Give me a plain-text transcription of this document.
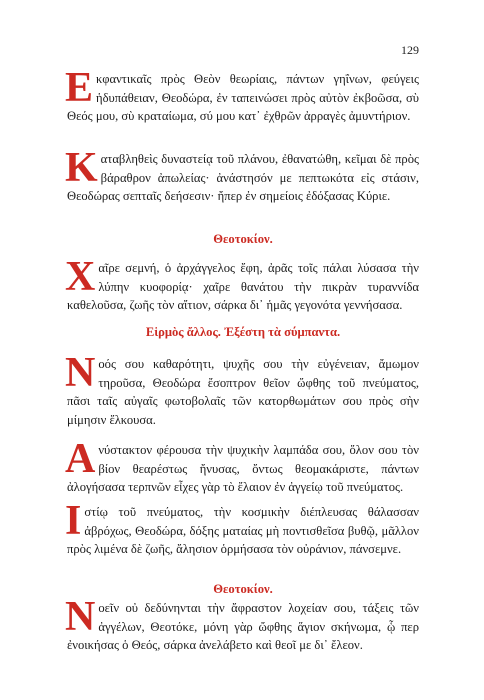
129
Εκφαντικαῖς πρὸς Θεὸν θεωρίαις, πάντων γηΐνων, φεύγεις ἡδυπάθειαν, Θεοδώρα, ἐν ταπεινώσει πρὸς αὐτὸν ἐκβοῶσα, σὺ Θεός μου, σὺ κραταίωμα, σύ μου κατ᾿ ἐχθρῶν ἀρραγὲς ἀμυντήριον.
Καταβληθεὶς δυναστείᾳ τοῦ πλάνου, ἐθανατώθη, κεῖμαι δὲ πρὸς βάραθρον ἀπωλείας· ἀνάστησόν με πεπτωκότα εἰς στάσιν, Θεοδώρας σεπταῖς δεήσεσιν· ἤπερ ἐν σημείοις ἐδόξασας Κύριε.
Θεοτοκίον.
Χαῖρε σεμνή, ὁ ἀρχάγγελος ἔφη, ἀρᾶς τοῖς πάλαι λύσασα τὴν λύπην κυοφορίᾳ· χαῖρε θανάτου τὴν πικρὰν τυραννίδα καθελοῦσα, ζωῆς τὸν αἴτιον, σάρκα δι᾿ ἡμᾶς γεγονότα γεννήσασα.
Εἱρμὸς ἄλλος. Ἐξέστη τὰ σύμπαντα.
Νοός σου καθαρότητι, ψυχῆς σου τὴν εὐγένειαν, ἄμωμον τηροῦσα, Θεοδώρα ἔσοπτρον θεῖον ὤφθης τοῦ πνεύματος, πᾶσι ταῖς αὐγαῖς φωτοβολαῖς τῶν κατορθωμάτων σου πρὸς σὴν μίμησιν ἕλκουσα.
Ανύστακτον φέρουσα τὴν ψυχικὴν λαμπάδα σου, ὅλον σου τὸν βίον θεαρέστως ἤνυσας, ὄντως θεομακάριστε, πάντων ἀλογήσασα τερπνῶν εἶχες γὰρ τὸ ἔλαιον ἐν ἀγγείῳ τοῦ πνεύματος.
Ιστίῳ τοῦ πνεύματος, τὴν κοσμικὴν διέπλευσας θάλασσαν ἀβρόχως, Θεοδώρα, δόξης ματαίας μὴ ποντισθεῖσα βυθῷ, μᾶλλον πρὸς λιμένα δὲ ζωῆς, ἄλησιον ὁρμήσασα τὸν οὐράνιον, πάνσεμνε.
Θεοτοκίον.
Νοεῖν οὐ δεδύνηνται τὴν ἄφραστον λοχείαν σου, τάξεις τῶν ἀγγέλων, Θεοτόκε, μόνη γὰρ ὤφθης ἅγιον σκήνωμα, ᾧ περ ἐνοικήσας ὁ Θεός, σάρκα ἀνελάβετο καὶ θεοῖ με δι᾿ ἔλεον.
